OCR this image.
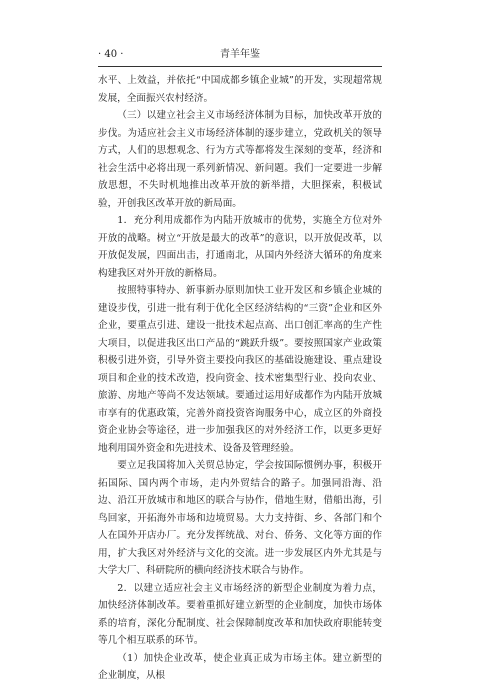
· 40 ·	青羊年鉴

水平、上效益，并依托“中国成都乡镇企业城”的开发，实现超常规发展，全面振兴农村经济。

（三）以建立社会主义市场经济体制为目标，加快改革开放的步伐。为适应社会主义市场经济体制的逐步建立，党政机关的领导方式，人们的思想观念、行为方式等都将发生深刻的变革，经济和社会生活中必将出现一系列新情况、新问题。我们一定要进一步解放思想，不失时机地推出改革开放的新举措，大胆探索，积极试验，开创我区改革开放的新局面。

1．充分利用成都作为内陆开放城市的优势，实施全方位对外开放的战略。树立“开放是最大的改革”的意识，以开放促改革，以开放促发展，四面出击，打通南北，从国内外经济大循环的角度来构建我区对外开放的新格局。

按照特事特办、新事新办原则加快工业开发区和乡镇企业城的建设步伐，引进一批有利于优化全区经济结构的“三资”企业和区外企业，要重点引进、建设一批技术起点高、出口创汇率高的生产性大项目，以促进我区出口产品的“跳跃升级”。要按照国家产业政策积极引进外资，引导外资主要投向我区的基础设施建设、重点建设项目和企业的技术改造，投向资金、技术密集型行业、投向农业、旅游、房地产等尚不发达领域。要通过运用好成都作为内陆开放城市享有的优惠政策，完善外商投资咨询服务中心，成立区的外商投资企业协会等途径，进一步加强我区的对外经济工作，以更多更好地利用国外资金和先进技术、设备及管理经验。

要立足我国将加入关贸总协定，学会按国际惯例办事，积极开拓国际、国内两个市场，走内外贸结合的路子。加强同沿海、沿边、沿江开放城市和地区的联合与协作，借地生财，借船出海，引鸟回家，开拓海外市场和边境贸易。大力支持街、乡、各部门和个人在国外开店办厂。充分发挥统战、对台、侨务、文化等方面的作用，扩大我区对外经济与文化的交流。进一步发展区内外尤其是与大学大厂、科研院所的横向经济技术联合与协作。

2．以建立适应社会主义市场经济的新型企业制度为着力点，加快经济体制改革。要着重抓好建立新型的企业制度，加快市场体系的培育，深化分配制度、社会保障制度改革和加快政府职能转变等几个相互联系的环节。

（1）加快企业改革，使企业真正成为市场主体。建立新型的企业制度，从根
